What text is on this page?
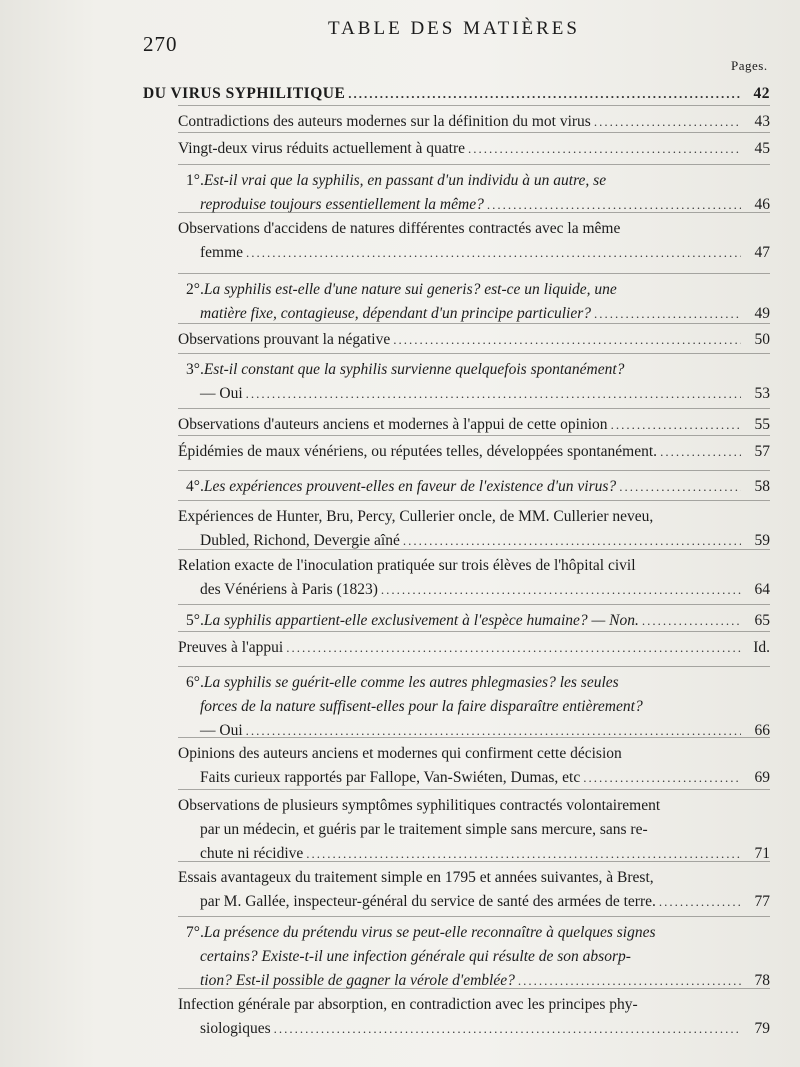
270
TABLE DES MATIÈRES
Pages.
DU VIRUS SYPHILITIQUE .....	42
Contradictions des auteurs modernes sur la définition du mot virus .....	43
Vingt-deux virus réduits actuellement à quatre .....	45
1°. Est-il vrai que la syphilis, en passant d'un individu à un autre, se
reproduise toujours essentiellement la même? .....	46
Observations d'accidens de natures différentes contractés avec la même
femme .....	47
2°. La syphilis est-elle d'une nature sui generis? est-ce un liquide, une
matière fixe, contagieuse, dépendant d'un principe particulier? .....	49
Observations prouvant la négative .....	50
3°. Est-il constant que la syphilis survienne quelquefois spontanément?
— Oui .....	53
Observations d'auteurs anciens et modernes à l'appui de cette opinion .....	55
Épidémies de maux vénériens, ou réputées telles, développées spontanément. .....	57
4°. Les expériences prouvent-elles en faveur de l'existence d'un virus? .....	58
Expériences de Hunter, Bru, Percy, Cullerier oncle, de MM. Cullerier neveu,
Dubled, Richond, Devergie aîné .....	59
Relation exacte de l'inoculation pratiquée sur trois élèves de l'hôpital civil
des Vénériens à Paris (1823) .....	64
5°. La syphilis appartient-elle exclusivement à l'espèce humaine? — Non. .....	65
Preuves à l'appui .....	Id.
6°. La syphilis se guérit-elle comme les autres phlegmasies? les seules
forces de la nature suffisent-elles pour la faire disparaître entièrement?
— Oui .....	66
Opinions des auteurs anciens et modernes qui confirment cette décision
Faits curieux rapportés par Fallope, Van-Swiéten, Dumas, etc .....	69
Observations de plusieurs symptômes syphilitiques contractés volontairement
par un médecin, et guéris par le traitement simple sans mercure, sans re-
chute ni récidive .....	71
Essais avantageux du traitement simple en 1795 et années suivantes, à Brest,
par M. Gallée, inspecteur-général du service de santé des armées de terre. .....	77
7°. La présence du prétendu virus se peut-elle reconnaître à quelques signes
certains? Existe-t-il une infection générale qui résulte de son absorp-
tion? Est-il possible de gagner la vérole d'emblée? .....	78
Infection générale par absorption, en contradiction avec les principes phy-
siologiques .....	79
